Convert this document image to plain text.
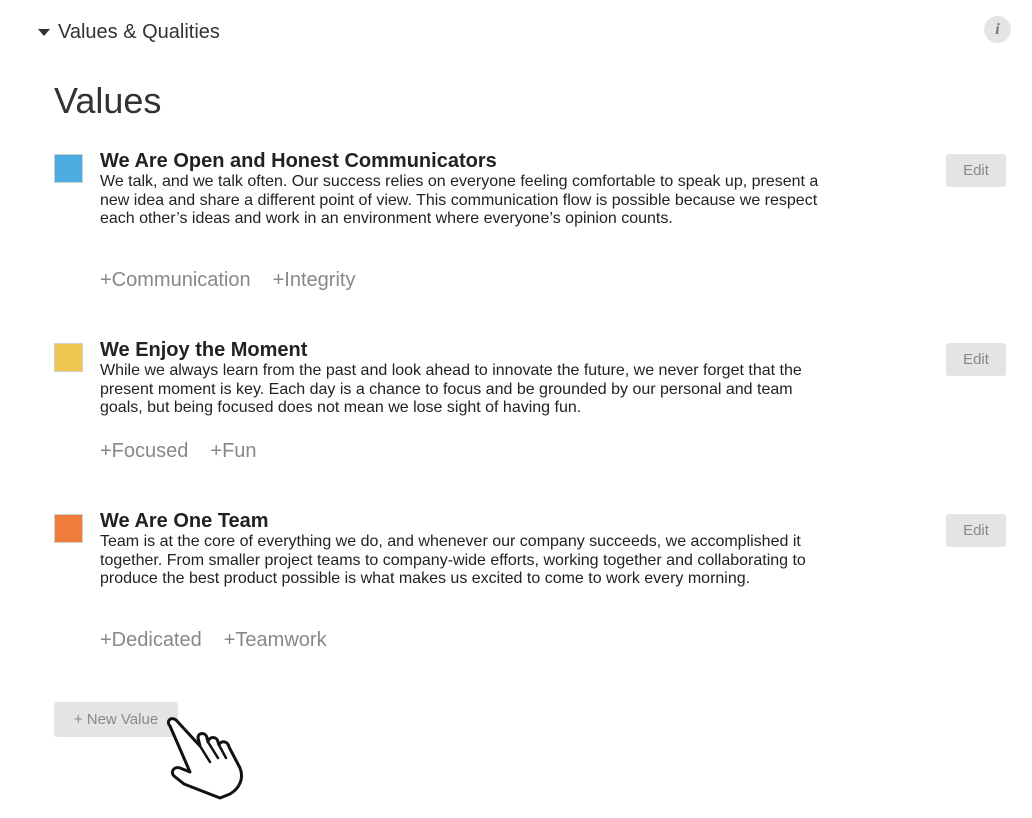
Values & Qualities	i
Values
We Are Open and Honest Communicators

We talk, and we talk often. Our success relies on everyone feeling comfortable to speak up, present a new idea and share a different point of view. This communication flow is possible because we respect each other’s ideas and work in an environment where everyone’s opinion counts.

+Communication +Integrity
Edit
We Enjoy the Moment

While we always learn from the past and look ahead to innovate the future, we never forget that the present moment is key. Each day is a chance to focus and be grounded by our personal and team goals, but being focused does not mean we lose sight of having fun.

+Focused +Fun
Edit
We Are One Team

Team is at the core of everything we do, and whenever our company succeeds, we accomplished it together. From smaller project teams to company-wide efforts, working together and collaborating to produce the best product possible is what makes us excited to come to work every morning.

+Dedicated +Teamwork
Edit
+ New Value
